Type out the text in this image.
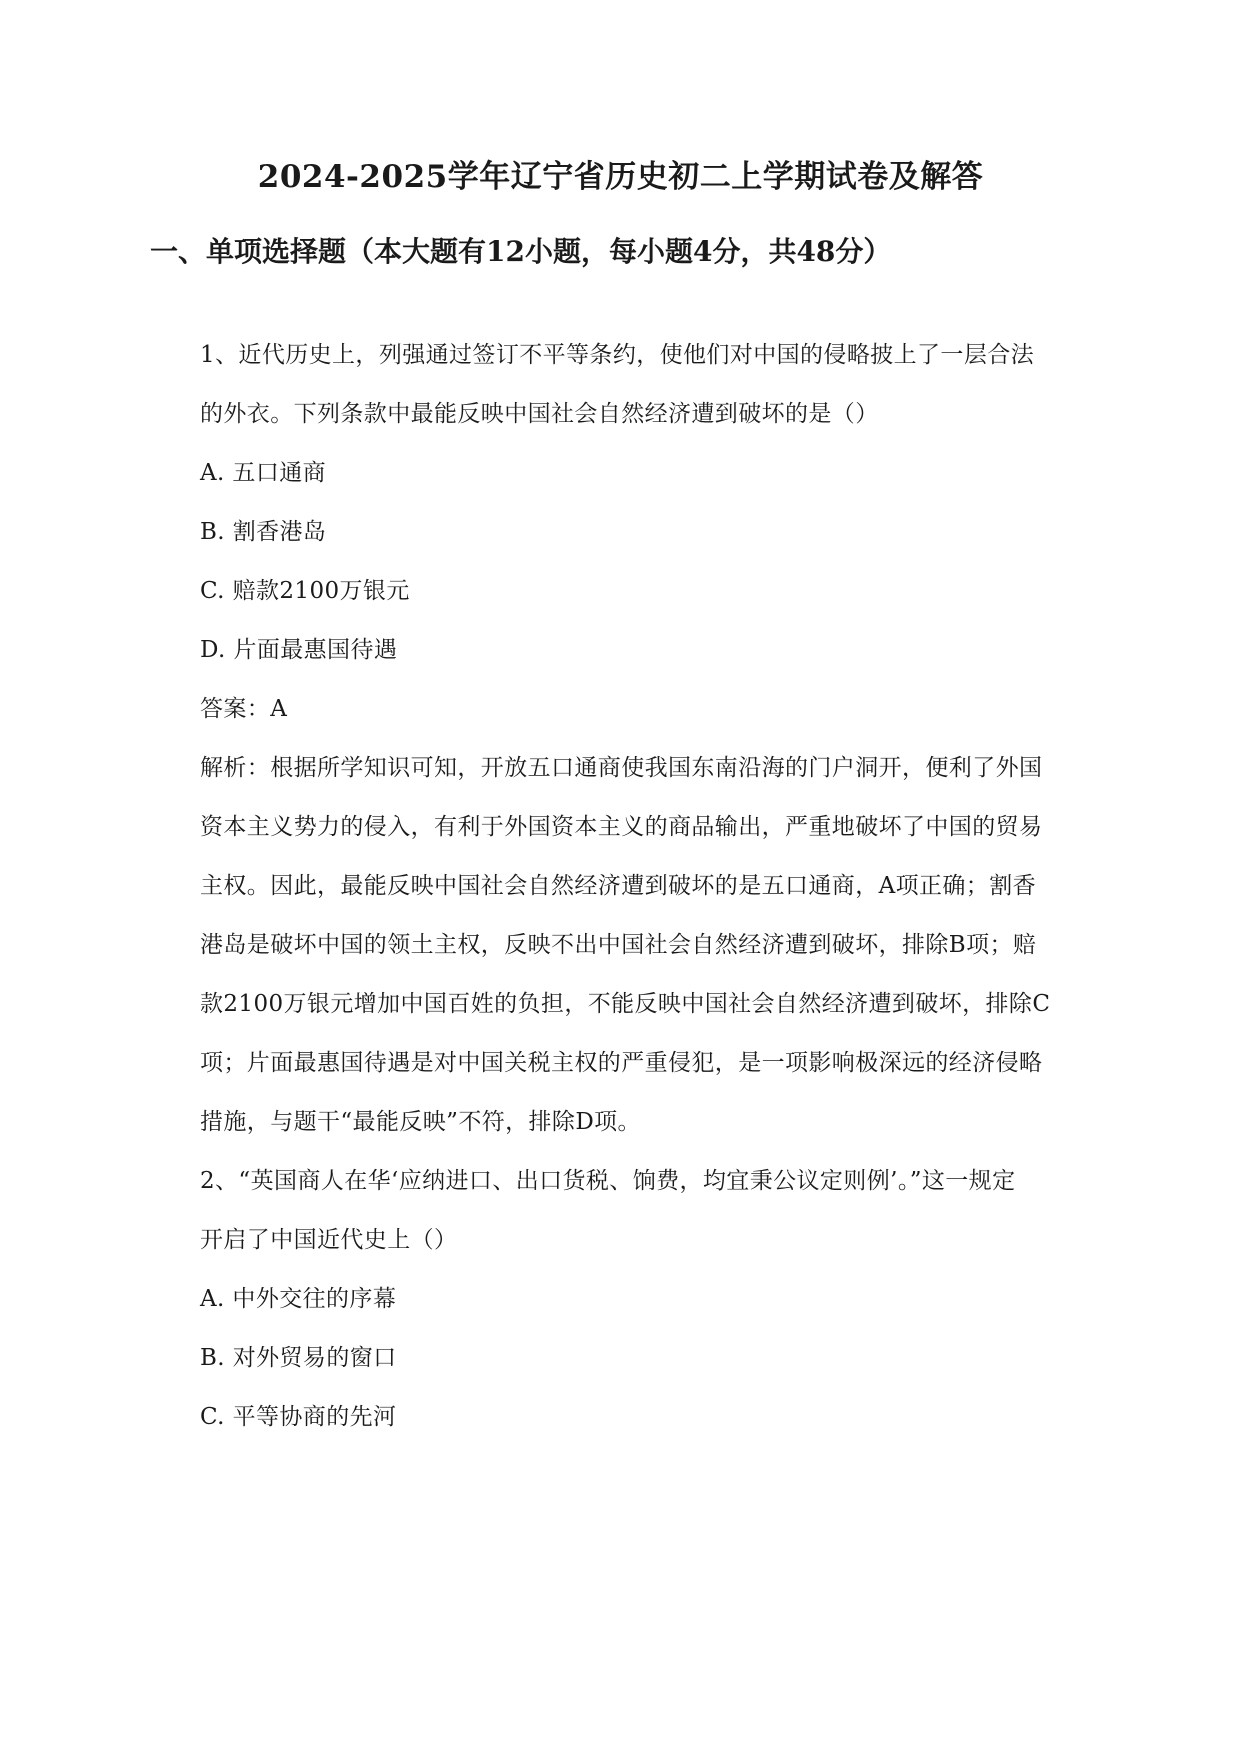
2024-2025学年辽宁省历史初二上学期试卷及解答
一、单项选择题（本大题有12小题，每小题4分，共48分）
1、近代历史上，列强通过签订不平等条约，使他们对中国的侵略披上了一层合法
的外衣。下列条款中最能反映中国社会自然经济遭到破坏的是（）
A. 五口通商
B. 割香港岛
C. 赔款2100万银元
D. 片面最惠国待遇
答案：A
解析：根据所学知识可知，开放五口通商使我国东南沿海的门户洞开，便利了外国
资本主义势力的侵入，有利于外国资本主义的商品输出，严重地破坏了中国的贸易
主权。因此，最能反映中国社会自然经济遭到破坏的是五口通商，A项正确；割香
港岛是破坏中国的领土主权，反映不出中国社会自然经济遭到破坏，排除B项；赔
款2100万银元增加中国百姓的负担，不能反映中国社会自然经济遭到破坏，排除C
项；片面最惠国待遇是对中国关税主权的严重侵犯，是一项影响极深远的经济侵略
措施，与题干“最能反映”不符，排除D项。
2、“英国商人在华‘应纳进口、出口货税、饷费，均宜秉公议定则例’。”这一规定
开启了中国近代史上（）
A. 中外交往的序幕
B. 对外贸易的窗口
C. 平等协商的先河
